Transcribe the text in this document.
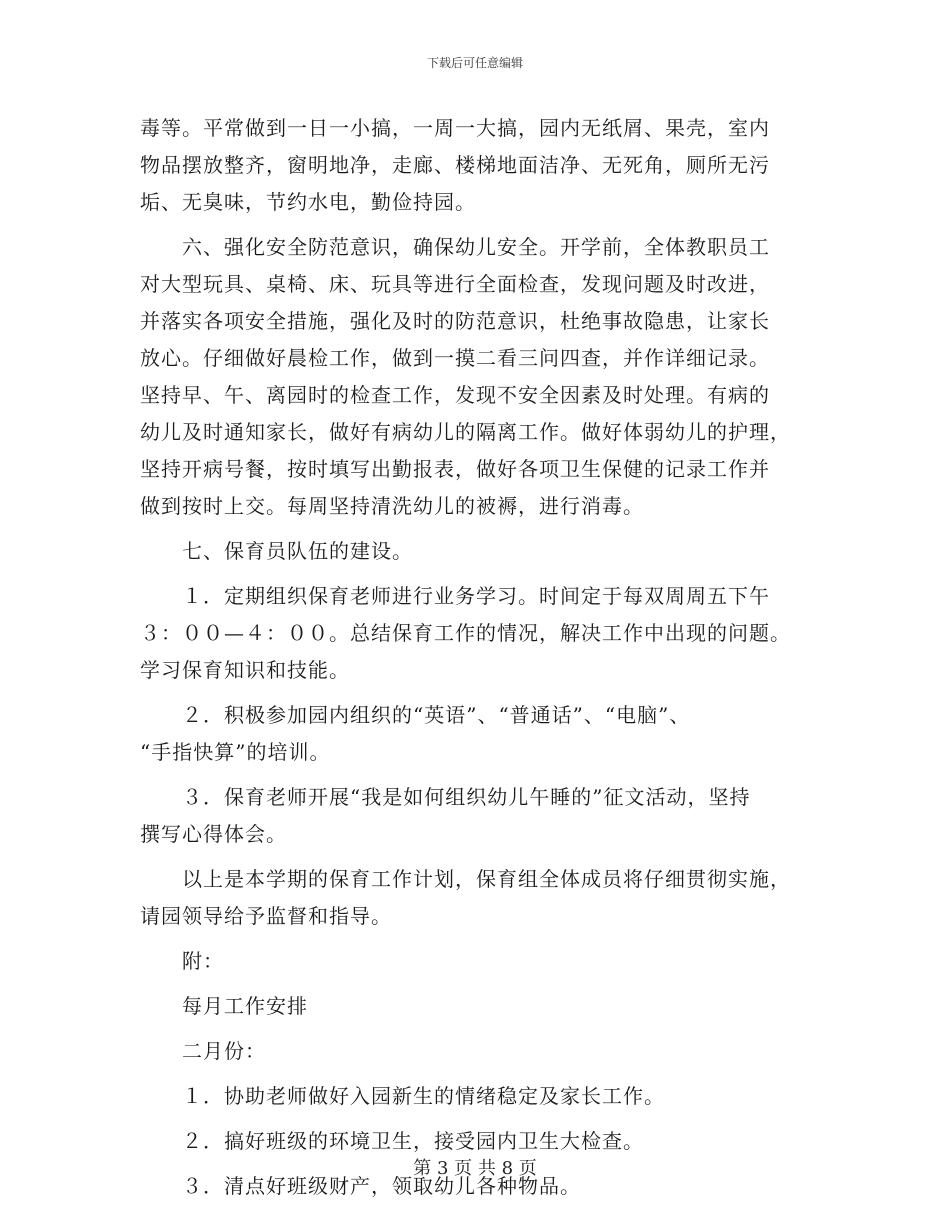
下载后可任意编辑
毒等。平常做到一日一小搞，一周一大搞，园内无纸屑、果壳，室内
物品摆放整齐，窗明地净，走廊、楼梯地面洁净、无死角，厕所无污
垢、无臭味，节约水电，勤俭持园。
　　六、强化安全防范意识，确保幼儿安全。开学前，全体教职员工
对大型玩具、桌椅、床、玩具等进行全面检查，发现问题及时改进，
并落实各项安全措施，强化及时的防范意识，杜绝事故隐患，让家长
放心。仔细做好晨检工作，做到一摸二看三问四查，并作详细记录。
坚持早、午、离园时的检查工作，发现不安全因素及时处理。有病的
幼儿及时通知家长，做好有病幼儿的隔离工作。做好体弱幼儿的护理，
坚持开病号餐，按时填写出勤报表，做好各项卫生保健的记录工作并
做到按时上交。每周坚持清洗幼儿的被褥，进行消毒。
　　七、保育员队伍的建设。
　　１．定期组织保育老师进行业务学习。时间定于每双周周五下午
３：００—４：００。总结保育工作的情况，解决工作中出现的问题。
学习保育知识和技能。
　　２．积极参加园内组织的“英语”、“普通话”、“电脑”、
“手指快算”的培训。
　　３．保育老师开展“我是如何组织幼儿午睡的”征文活动，坚持
撰写心得体会。
　　以上是本学期的保育工作计划，保育组全体成员将仔细贯彻实施，
请园领导给予监督和指导。
　　附：
　　每月工作安排
　　二月份：
　　１．协助老师做好入园新生的情绪稳定及家长工作。
　　２．搞好班级的环境卫生，接受园内卫生大检查。
　　３．清点好班级财产，领取幼儿各种物品。
第 3 页 共 8 页
